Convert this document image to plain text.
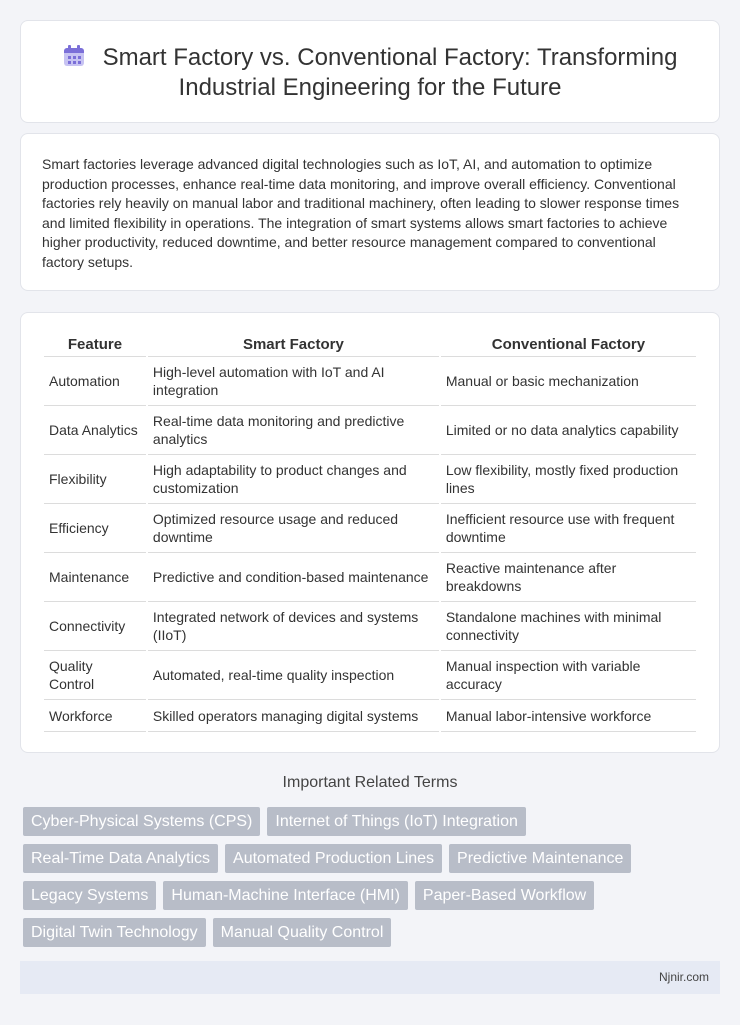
Smart Factory vs. Conventional Factory: Transforming Industrial Engineering for the Future

Smart factories leverage advanced digital technologies such as IoT, AI, and automation to optimize production processes, enhance real-time data monitoring, and improve overall efficiency. Conventional factories rely heavily on manual labor and traditional machinery, often leading to slower response times and limited flexibility in operations. The integration of smart systems allows smart factories to achieve higher productivity, reduced downtime, and better resource management compared to conventional factory setups.

Feature	Smart Factory	Conventional Factory
Automation	High-level automation with IoT and AI integration	Manual or basic mechanization
Data Analytics	Real-time data monitoring and predictive analytics	Limited or no data analytics capability
Flexibility	High adaptability to product changes and customization	Low flexibility, mostly fixed production lines
Efficiency	Optimized resource usage and reduced downtime	Inefficient resource use with frequent downtime
Maintenance	Predictive and condition-based maintenance	Reactive maintenance after breakdowns
Connectivity	Integrated network of devices and systems (IIoT)	Standalone machines with minimal connectivity
Quality Control	Automated, real-time quality inspection	Manual inspection with variable accuracy
Workforce	Skilled operators managing digital systems	Manual labor-intensive workforce
Important Related Terms
Cyber-Physical Systems (CPS)	Internet of Things (IoT) Integration
Real-Time Data Analytics	Automated Production Lines	Predictive Maintenance
Legacy Systems	Human-Machine Interface (HMI)	Paper-Based Workflow
Digital Twin Technology	Manual Quality Control
Njnir.com
